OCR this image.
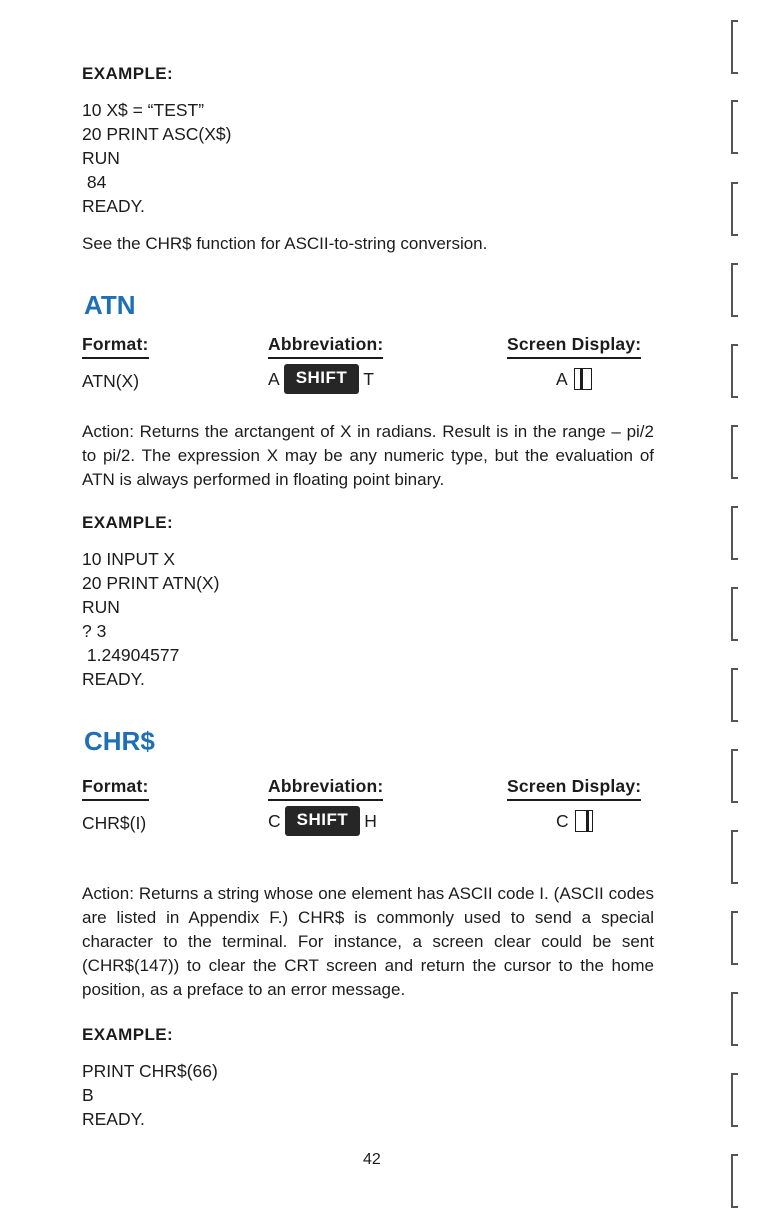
EXAMPLE:
10 X$ = “TEST”
20 PRINT ASC(X$)
RUN
84
READY.

See the CHR$ function for ASCII-to-string conversion.

ATN
Format:	Abbreviation:	Screen Display:
ATN(X)	A SHIFT T	A

Action: Returns the arctangent of X in radians. Result is in the range – pi/2 to pi/2. The expression X may be any numeric type, but the evaluation of ATN is always performed in floating point binary.

EXAMPLE:
10 INPUT X
20 PRINT ATN(X)
RUN
? 3
1.24904577
READY.
CHR$
Format:	Abbreviation:	Screen Display:
CHR$(I)	C SHIFT H	C

Action: Returns a string whose one element has ASCII code I. (ASCII codes are listed in Appendix F.) CHR$ is commonly used to send a special character to the terminal. For instance, a screen clear could be sent (CHR$(147)) to clear the CRT screen and return the cursor to the home position, as a preface to an error message.

EXAMPLE:
PRINT CHR$(66)
B
READY.
42
